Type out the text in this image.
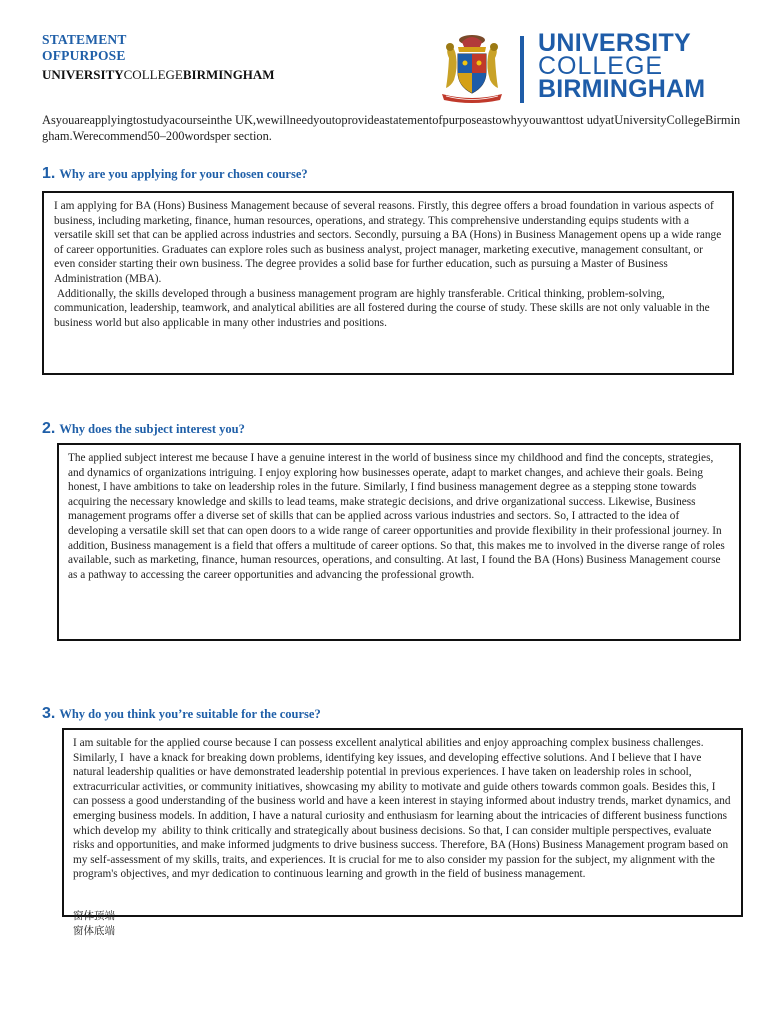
STATEMENT
OFPURPOSE
UNIVERSITYCOLLEGEBIRMINGHAM
UNIVERSITY
COLLEGE
BIRMINGHAM
Asyouareapplyingtostudyacourseinthe UK,wewillneedyoutoprovideastatementofpurposeastowhyyouwanttost udyatUniversityCollegeBirmingham.Werecommend50–200wordsper section.
1. Why are you applying for your chosen course?
I am applying for BA (Hons) Business Management because of several reasons. Firstly, this degree offers a broad foundation in various aspects of business, including marketing, finance, human resources, operations, and strategy. This comprehensive understanding equips students with a versatile skill set that can be applied across industries and sectors. Secondly, pursuing a BA (Hons) in Business Management opens up a wide range of career opportunities. Graduates can explore roles such as business analyst, project manager, marketing executive, management consultant, or even consider starting their own business. The degree provides a solid base for further education, such as pursuing a Master of Business Administration (MBA).
Additionally, the skills developed through a business management program are highly transferable. Critical thinking, problem-solving, communication, leadership, teamwork, and analytical abilities are all fostered during the course of study. These skills are not only valuable in the business world but also applicable in many other industries and positions.
2. Why does the subject interest you?
The applied subject interest me because I have a genuine interest in the world of business since my childhood and find the concepts, strategies, and dynamics of organizations intriguing. I enjoy exploring how businesses operate, adapt to market changes, and achieve their goals. Being honest, I have ambitions to take on leadership roles in the future. Similarly, I find business management degree as a stepping stone towards acquiring the necessary knowledge and skills to lead teams, make strategic decisions, and drive organizational success. Likewise, Business management programs offer a diverse set of skills that can be applied across various industries and sectors. So, I attracted to the idea of developing a versatile skill set that can open doors to a wide range of career opportunities and provide flexibility in their professional journey. In addition, Business management is a field that offers a multitude of career options. So that, this makes me to involved in the diverse range of roles available, such as marketing, finance, human resources, operations, and consulting. At last, I found the BA (Hons) Business Management course as a pathway to accessing the career opportunities and advancing the professional growth.
3. Why do you think you’re suitable for the course?
I am suitable for the applied course because I can possess excellent analytical abilities and enjoy approaching complex business challenges. Similarly, I  have a knack for breaking down problems, identifying key issues, and developing effective solutions. And I believe that I have natural leadership qualities or have demonstrated leadership potential in previous experiences. I have taken on leadership roles in school, extracurricular activities, or community initiatives, showcasing my ability to motivate and guide others towards common goals. Besides this, I can possess a good understanding of the business world and have a keen interest in staying informed about industry trends, market dynamics, and emerging business models. In addition, I have a natural curiosity and enthusiasm for learning about the intricacies of different business functions which develop my  ability to think critically and strategically about business decisions. So that, I can consider multiple perspectives, evaluate risks and opportunities, and make informed judgments to drive business success. Therefore, BA (Hons) Business Management program based on my self-assessment of my skills, traits, and experiences. It is crucial for me to also consider my passion for the subject, my alignment with the program's objectives, and myr dedication to continuous learning and growth in the field of business management.
窗体顶端
窗体底端
